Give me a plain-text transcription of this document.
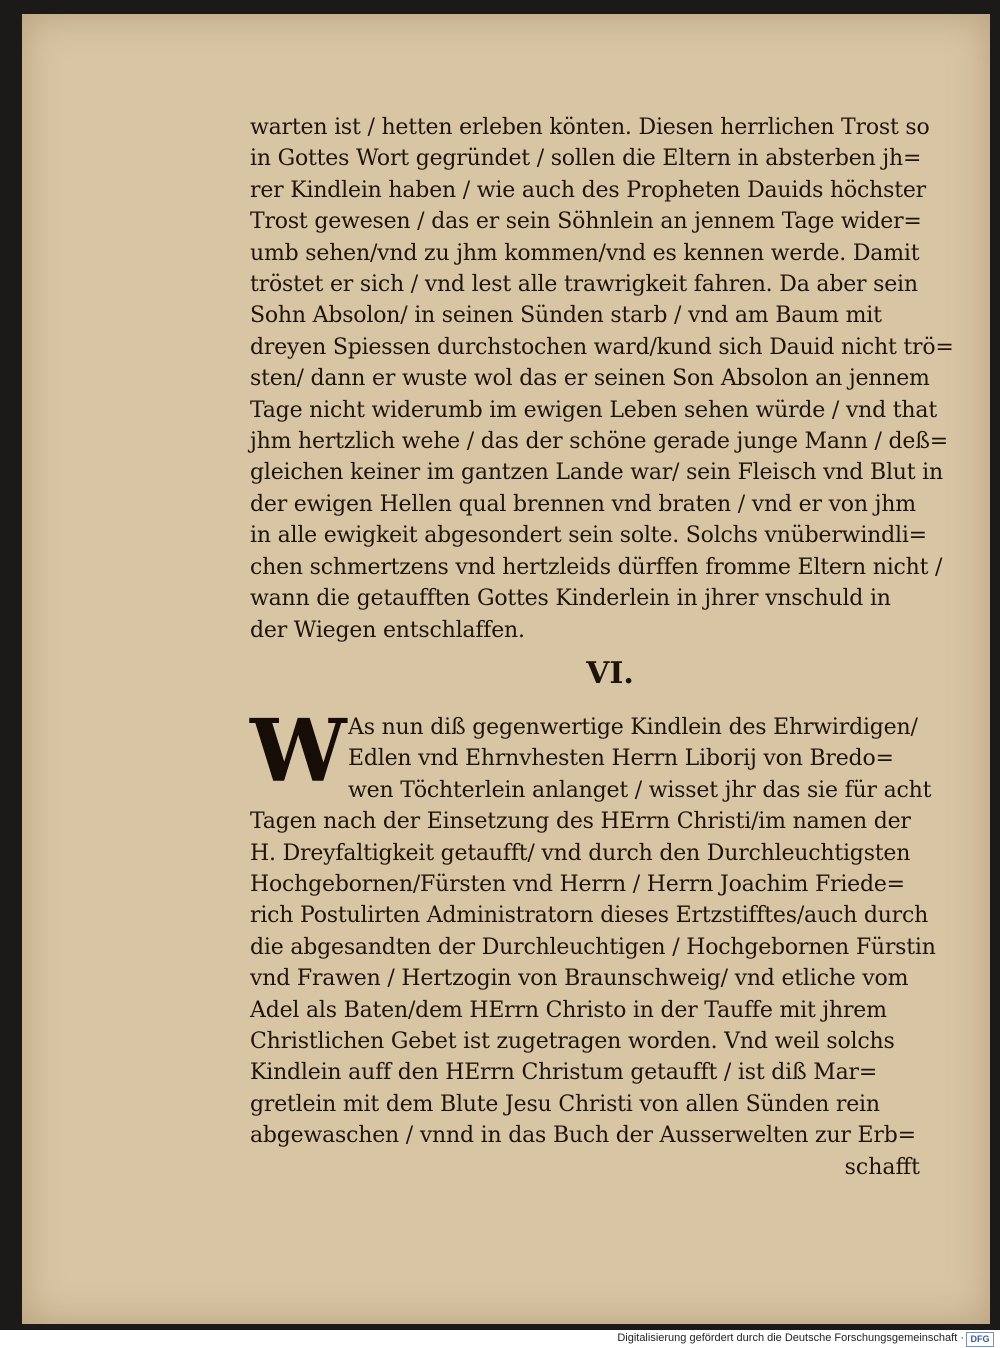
warten ist / hetten erleben könten. Diesen herrlichen Trost so
in Gottes Wort gegründet / sollen die Eltern in absterben jh=
rer Kindlein haben / wie auch des Propheten Dauids höchster
Trost gewesen / das er sein Söhnlein an jennem Tage wider=
umb sehen/vnd zu jhm kommen/vnd es kennen werde. Damit
tröstet er sich / vnd lest alle trawrigkeit fahren. Da aber sein
Sohn Absolon/ in seinen Sünden starb / vnd am Baum mit
dreyen Spiessen durchstochen ward/kund sich Dauid nicht trö=
sten/ dann er wuste wol das er seinen Son Absolon an jennem
Tage nicht widerumb im ewigen Leben sehen würde / vnd that
jhm hertzlich wehe / das der schöne gerade junge Mann / deß=
gleichen keiner im gantzen Lande war/ sein Fleisch vnd Blut in
der ewigen Hellen qual brennen vnd braten / vnd er von jhm
in alle ewigkeit abgesondert sein solte. Solchs vnüberwindli=
chen schmertzens vnd hertzleids dürffen fromme Eltern nicht /
wann die getaufften Gottes Kinderlein in jhrer vnschuld in
der Wiegen entschlaffen.
VI.
W As nun diß gegenwertige Kindlein des Ehrwirdigen/
Edlen vnd Ehrnvhesten Herrn Liborij von Bredo=
wen Töchterlein anlanget / wisset jhr das sie für acht
Tagen nach der Einsetzung des HErrn Christi/im namen der
H. Dreyfaltigkeit getaufft/ vnd durch den Durchleuchtigsten
Hochgebornen/Fürsten vnd Herrn / Herrn Joachim Friede=
rich Postulirten Administratorn dieses Ertzstifftes/auch durch
die abgesandten der Durchleuchtigen / Hochgebornen Fürstin
vnd Frawen / Hertzogin von Braunschweig/ vnd etliche vom
Adel als Baten/dem HErrn Christo in der Tauffe mit jhrem
Christlichen Gebet ist zugetragen worden. Vnd weil solchs
Kindlein auff den HErrn Christum getaufft / ist diß Mar=
gretlein mit dem Blute Jesu Christi von allen Sünden rein
abgewaschen / vnnd in das Buch der Ausserwelten zur Erb=
schafft
Digitalisierung gefördert durch die Deutsche Forschungsgemeinschaft · DFG
